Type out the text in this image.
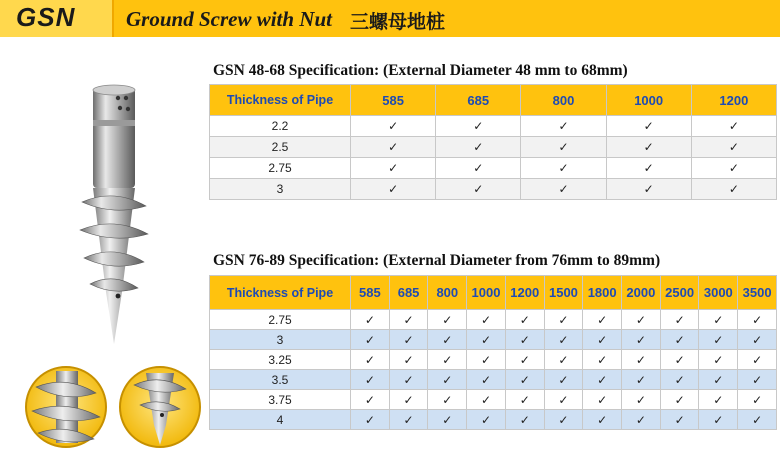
GSN Ground Screw with Nut 三螺母地桩
GSN 48-68 Specification: (External Diameter 48 mm to 68mm)
Thickness of Pipe	585	685	800	1000	1200
2.2	✓	✓	✓	✓	✓
2.5	✓	✓	✓	✓	✓
2.75	✓	✓	✓	✓	✓
3	✓	✓	✓	✓	✓
GSN 76-89 Specification: (External Diameter from 76mm to 89mm)
Thickness of Pipe	585	685	800	1000	1200	1500	1800	2000	2500	3000	3500
2.75	✓	✓	✓	✓	✓	✓	✓	✓	✓	✓	✓
3	✓	✓	✓	✓	✓	✓	✓	✓	✓	✓	✓
3.25	✓	✓	✓	✓	✓	✓	✓	✓	✓	✓	✓
3.5	✓	✓	✓	✓	✓	✓	✓	✓	✓	✓	✓
3.75	✓	✓	✓	✓	✓	✓	✓	✓	✓	✓	✓
4	✓	✓	✓	✓	✓	✓	✓	✓	✓	✓	✓
